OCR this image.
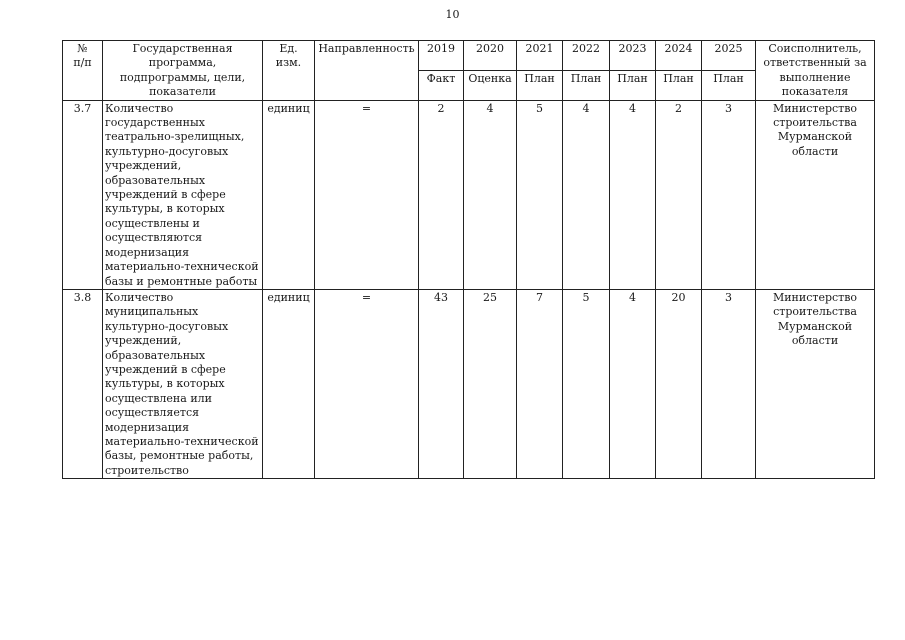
10
№
п/п	Государственная программа, подпрограммы, цели, показатели	Ед. изм.	Направленность	2019	2020	2021	2022	2023	2024	2025	Соисполнитель, ответственный за выполнение показателя
				Факт	Оценка	План	План	План	План	План	
3.7	Количество государственных театрально-зрелищных, культурно-досуговых учреждений, образовательных учреждений в сфере культуры, в которых осуществлены и осуществляются модернизация материально-технической базы и ремонтные работы	единиц	=	2	4	5	4	4	2	3	Министерство строительства Мурманской области
3.8	Количество муниципальных культурно-досуговых учреждений, образовательных учреждений в сфере культуры, в которых осуществлена или осуществляется модернизация материально-технической базы, ремонтные работы, строительство	единиц	=	43	25	7	5	4	20	3	Министерство строительства Мурманской области
